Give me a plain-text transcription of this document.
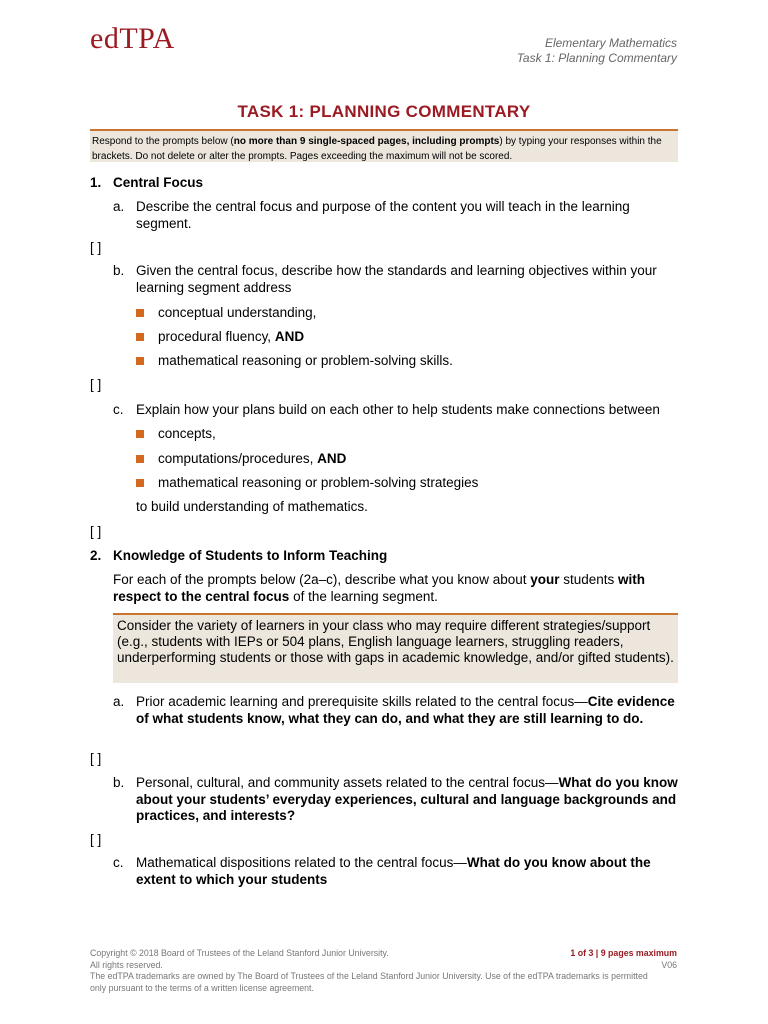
edTPA	Elementary Mathematics
Task 1: Planning Commentary
TASK 1: PLANNING COMMENTARY
Respond to the prompts below (no more than 9 single-spaced pages, including prompts) by typing your responses within the brackets. Do not delete or alter the prompts. Pages exceeding the maximum will not be scored.
1. Central Focus
a. Describe the central focus and purpose of the content you will teach in the learning segment.
[ ]
b. Given the central focus, describe how the standards and learning objectives within your learning segment address
conceptual understanding,
procedural fluency, AND
mathematical reasoning or problem-solving skills.
[ ]
c. Explain how your plans build on each other to help students make connections between
concepts,
computations/procedures, AND
mathematical reasoning or problem-solving strategies
to build understanding of mathematics.
[ ]
2. Knowledge of Students to Inform Teaching
For each of the prompts below (2a–c), describe what you know about your students with respect to the central focus of the learning segment.
Consider the variety of learners in your class who may require different strategies/support (e.g., students with IEPs or 504 plans, English language learners, struggling readers, underperforming students or those with gaps in academic knowledge, and/or gifted students).
a. Prior academic learning and prerequisite skills related to the central focus—Cite evidence of what students know, what they can do, and what they are still learning to do.
[ ]
b. Personal, cultural, and community assets related to the central focus—What do you know about your students’ everyday experiences, cultural and language backgrounds and practices, and interests?
[ ]
c. Mathematical dispositions related to the central focus—What do you know about the extent to which your students
Copyright © 2018 Board of Trustees of the Leland Stanford Junior University.
All rights reserved.
The edTPA trademarks are owned by The Board of Trustees of the Leland Stanford Junior University. Use of the edTPA trademarks is permitted only pursuant to the terms of a written license agreement.
1 of 3 | 9 pages maximum
V06
